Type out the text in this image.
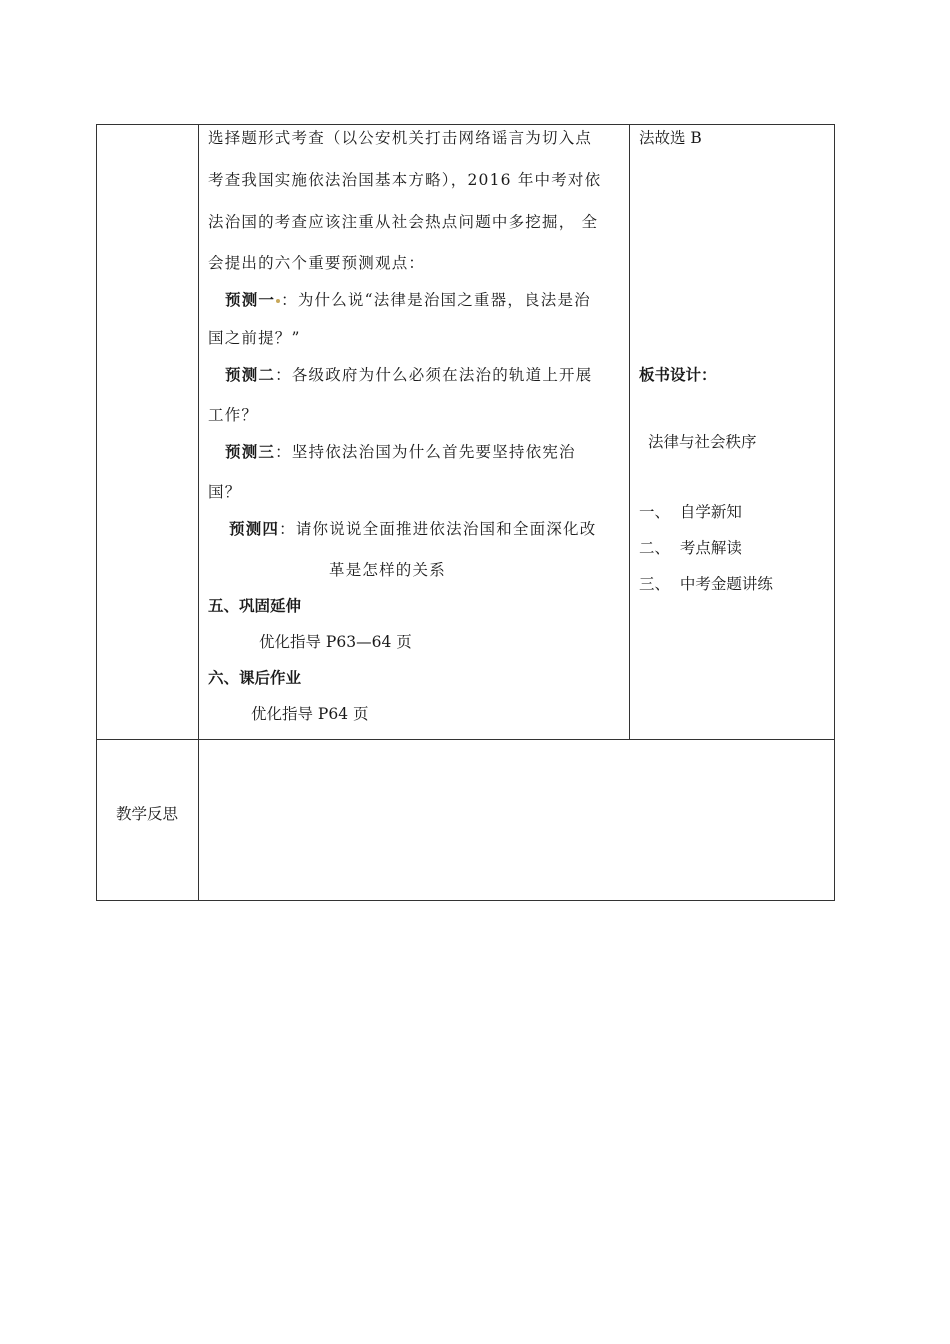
选择题形式考查（以公安机关打击网络谣言为切入点
考查我国实施依法治国基本方略），2016 年中考对依
法治国的考查应该注重从社会热点问题中多挖掘， 全
会提出的六个重要预测观点：
预测一 ：为什么说“法律是治国之重器，良法是治
国之前提？”
预测二：各级政府为什么必须在法治的轨道上开展
工作？
预测三：坚持依法治国为什么首先要坚持依宪治
国？
预测四：请你说说全面推进依法治国和全面深化改
革是怎样的关系
五、巩固延伸
优化指导 P63—64 页
六、课后作业
优化指导 P64 页
法故选 B
板书设计：
法律与社会秩序
一、 自学新知
二、 考点解读
三、 中考金题讲练
教学反思
